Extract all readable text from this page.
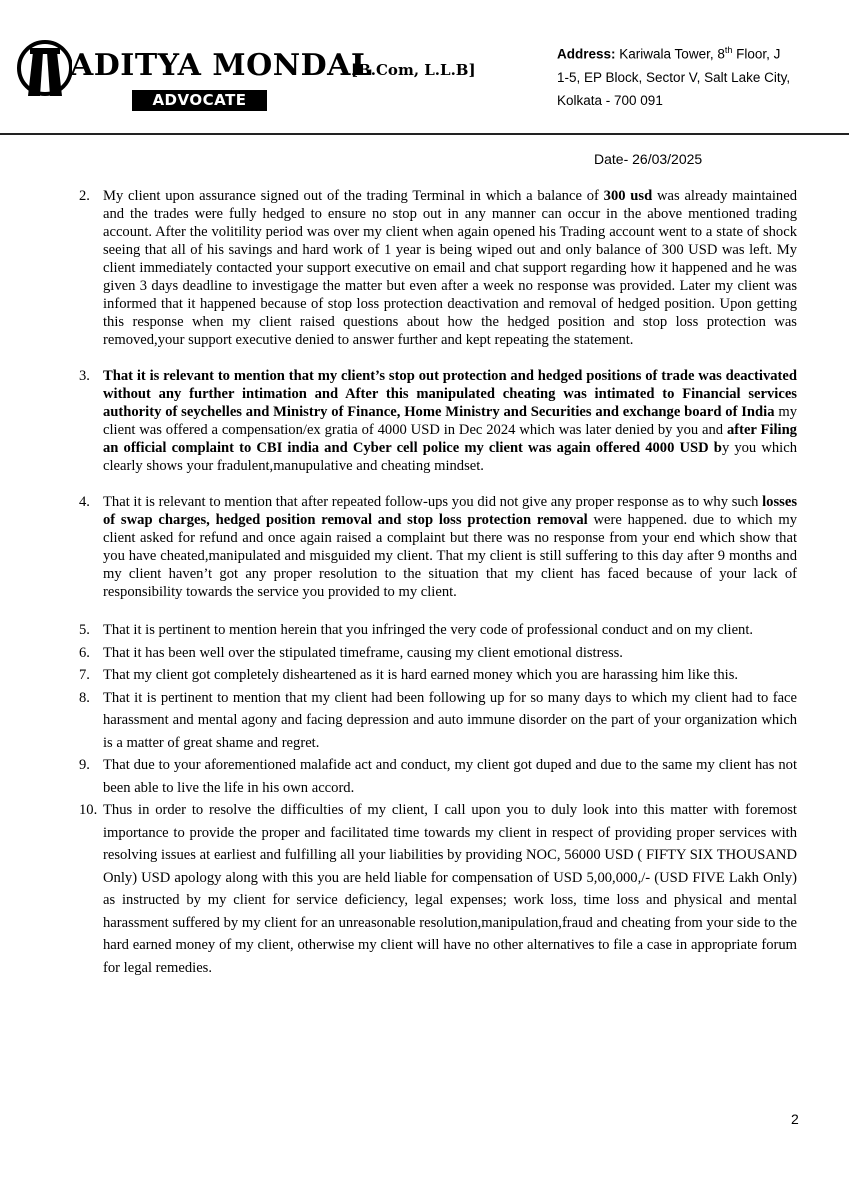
ADITYA MONDAL
[B.Com, L.L.B]
ADVOCATE
Address: Kariwala Tower, 8th Floor, J
1-5, EP Block, Sector V, Salt Lake City,
Kolkata - 700 091
Date- 26/03/2025
2. My client upon assurance signed out of the trading Terminal in which a balance of 300 usd was already maintained and the trades were fully hedged to ensure no stop out in any manner can occur in the above mentioned trading account. After the volitility period was over my client when again opened his Trading account went to a state of shock seeing that all of his savings and hard work of 1 year is being wiped out and only balance of 300 USD was left. My client immediately contacted your support executive on email and chat support regarding how it happened and he was given 3 days deadline to investigage the matter but even after a week no response was provided. Later my client was informed that it happened because of stop loss protection deactivation and removal of hedged position. Upon getting this response when my client raised questions about how the hedged position and stop loss protection was removed,your support executive denied to answer further and kept repeating the statement.
3. That it is relevant to mention that my client’s stop out protection and hedged positions of trade was deactivated without any further intimation and After this manipulated cheating was intimated to Financial services authority of seychelles and Ministry of Finance, Home Ministry and Securities and exchange board of India my client was offered a compensation/ex gratia of 4000 USD in Dec 2024 which was later denied by you and after Filing an official complaint to CBI india and Cyber cell police my client was again offered 4000 USD by you which clearly shows your fradulent,manupulative and cheating mindset.
4. That it is relevant to mention that after repeated follow-ups you did not give any proper response as to why such losses of swap charges, hedged position removal and stop loss protection removal were happened. due to which my client asked for refund and once again raised a complaint but there was no response from your end which show that you have cheated,manipulated and misguided my client. That my client is still suffering to this day after 9 months and my client haven’t got any proper resolution to the situation that my client has faced because of your lack of responsibility towards the service you provided to my client.
5. That it is pertinent to mention herein that you infringed the very code of professional conduct and on my client.
6. That it has been well over the stipulated timeframe, causing my client emotional distress.
7. That my client got completely disheartened as it is hard earned money which you are harassing him like this.
8. That it is pertinent to mention that my client had been following up for so many days to which my client had to face harassment and mental agony and facing depression and auto immune disorder on the part of your organization which is a matter of great shame and regret.
9. That due to your aforementioned malafide act and conduct, my client got duped and due to the same my client has not been able to live the life in his own accord.
10. Thus in order to resolve the difficulties of my client, I call upon you to duly look into this matter with foremost importance to provide the proper and facilitated time towards my client in respect of providing proper services with resolving issues at earliest and fulfilling all your liabilities by providing NOC, 56000 USD ( FIFTY SIX THOUSAND Only) USD apology along with this you are held liable for compensation of USD 5,00,000,/- (USD FIVE Lakh Only) as instructed by my client for service deficiency, legal expenses; work loss, time loss and physical and mental harassment suffered by my client for an unreasonable resolution,manipulation,fraud and cheating from your side to the hard earned money of my client, otherwise my client will have no other alternatives to file a case in appropriate forum for legal remedies.
2
